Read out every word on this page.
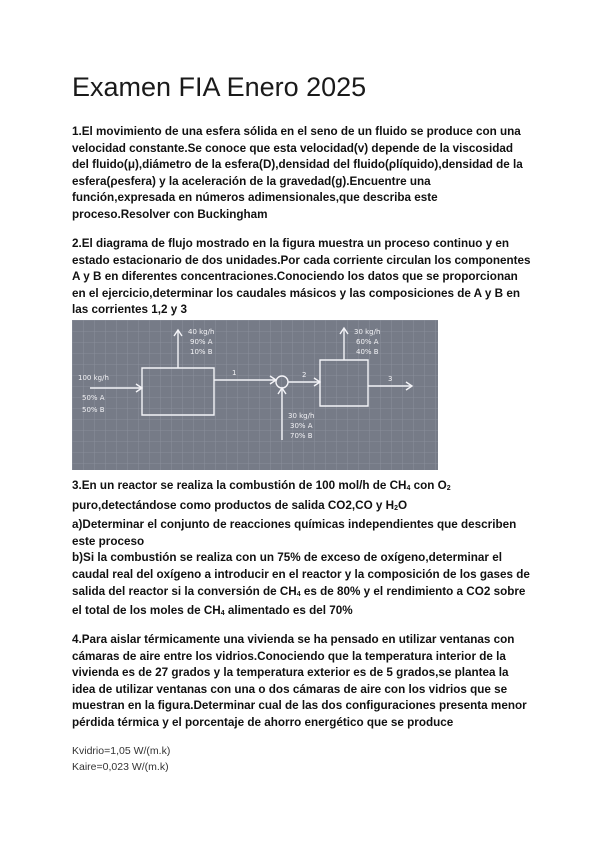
Examen FIA Enero 2025

1.El movimiento de una esfera sólida en el seno de un fluido se produce con una velocidad constante.Se conoce que esta velocidad(v) depende de la viscosidad del fluido(μ),diámetro de la esfera(D),densidad del fluido(ρlíquido),densidad de la esfera(ρesfera) y la aceleración de la gravedad(g).Encuentre una función,expresada en números adimensionales,que describa este proceso.Resolver con Buckingham

2.El diagrama de flujo mostrado en la figura muestra un proceso continuo y en estado estacionario de dos unidades.Por cada corriente circulan los componentes A y B en diferentes concentraciones.Conociendo los datos que se proporcionan en el ejercicio,determinar los caudales másicos y las composiciones de A y B en las corrientes 1,2 y 3

40 kg/h
90% A
10% B
30 kg/h
60% A
40% B
100 kg/h
50% A
50% B
30 kg/h
30% A
70% B
1	2	3
3.En un reactor se realiza la combustión de 100 mol/h de $CH_4$ con $O_2$
puro,detectándose como productos de salida CO2,CO y $H_2O$
a)Determinar el conjunto de reacciones químicas independientes que describen este proceso
b)Si la combustión se realiza con un 75% de exceso de oxígeno,determinar el caudal real del oxígeno a introducir en el reactor y la composición de los gases de salida del reactor si la conversión de $CH_4$ es de 80% y el rendimiento a CO2 sobre el total de los moles de $CH_4$ alimentado es del 70%

4.Para aislar térmicamente una vivienda se ha pensado en utilizar ventanas con cámaras de aire entre los vidrios.Conociendo que la temperatura interior de la vivienda es de 27 grados y la temperatura exterior es de 5 grados,se plantea la idea de utilizar ventanas con una o dos cámaras de aire con los vidrios que se muestran en la figura.Determinar cual de las dos configuraciones presenta menor pérdida térmica y el porcentaje de ahorro energético que se produce

Kvidrio=1,05 W/(m.k)

Kaire=0,023 W/(m.k)
